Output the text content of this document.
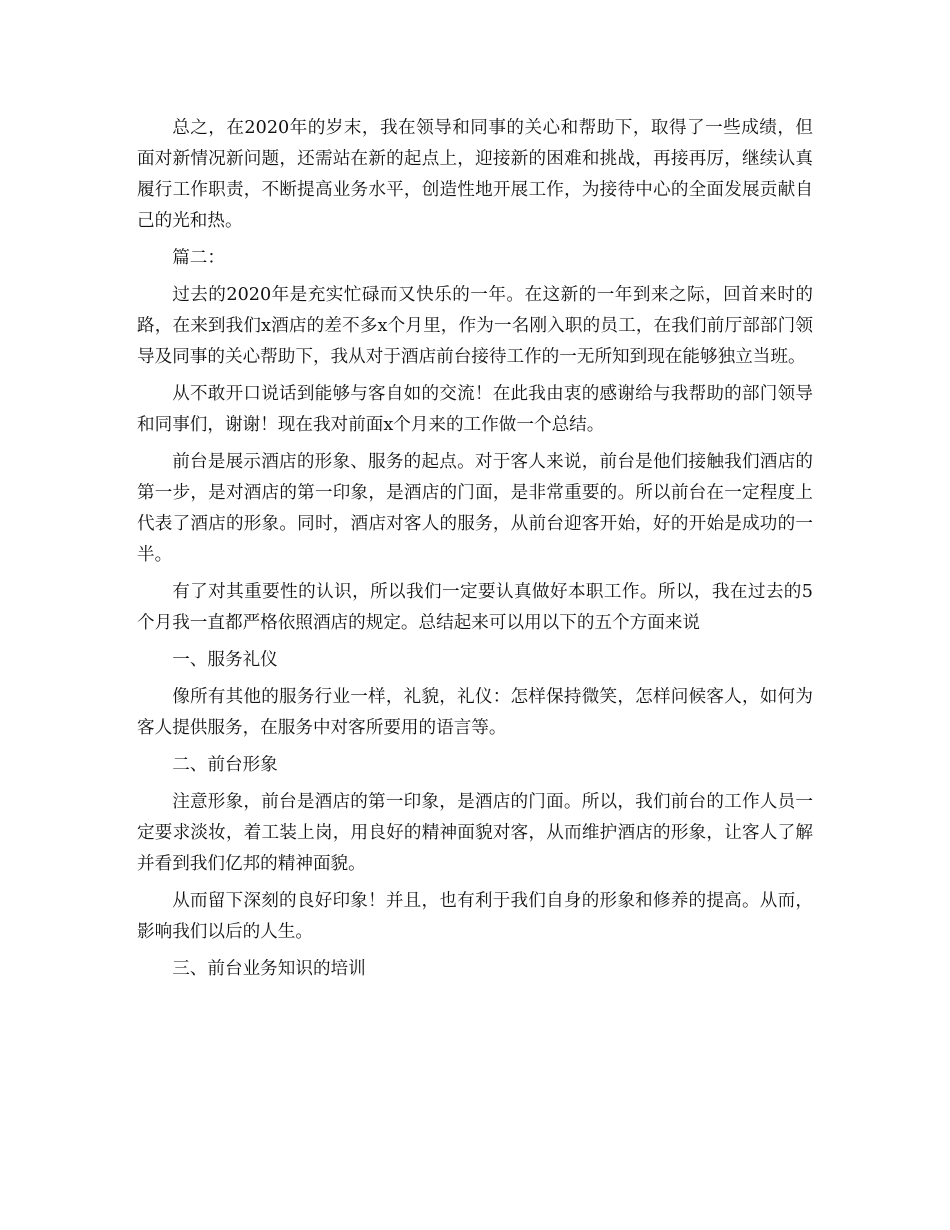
总之，在2020年的岁末，我在领导和同事的关心和帮助下，取得了一些成绩，但面对新情况新问题，还需站在新的起点上，迎接新的困难和挑战，再接再厉，继续认真履行工作职责，不断提高业务水平，创造性地开展工作，为接待中心的全面发展贡献自己的光和热。

篇二：

过去的2020年是充实忙碌而又快乐的一年。在这新的一年到来之际，回首来时的路，在来到我们x酒店的差不多x个月里，作为一名刚入职的员工，在我们前厅部部门领导及同事的关心帮助下，我从对于酒店前台接待工作的一无所知到现在能够独立当班。

从不敢开口说话到能够与客自如的交流！在此我由衷的感谢给与我帮助的部门领导和同事们，谢谢！现在我对前面x个月来的工作做一个总结。

前台是展示酒店的形象、服务的起点。对于客人来说，前台是他们接触我们酒店的第一步，是对酒店的第一印象，是酒店的门面，是非常重要的。所以前台在一定程度上代表了酒店的形象。同时，酒店对客人的服务，从前台迎客开始，好的开始是成功的一半。

有了对其重要性的认识，所以我们一定要认真做好本职工作。所以，我在过去的5个月我一直都严格依照酒店的规定。总结起来可以用以下的五个方面来说

一、服务礼仪

像所有其他的服务行业一样，礼貌，礼仪：怎样保持微笑，怎样问候客人，如何为客人提供服务，在服务中对客所要用的语言等。

二、前台形象

注意形象，前台是酒店的第一印象，是酒店的门面。所以，我们前台的工作人员一定要求淡妆，着工装上岗，用良好的精神面貌对客，从而维护酒店的形象，让客人了解并看到我们亿邦的精神面貌。

从而留下深刻的良好印象！并且，也有利于我们自身的形象和修养的提高。从而，影响我们以后的人生。

三、前台业务知识的培训
